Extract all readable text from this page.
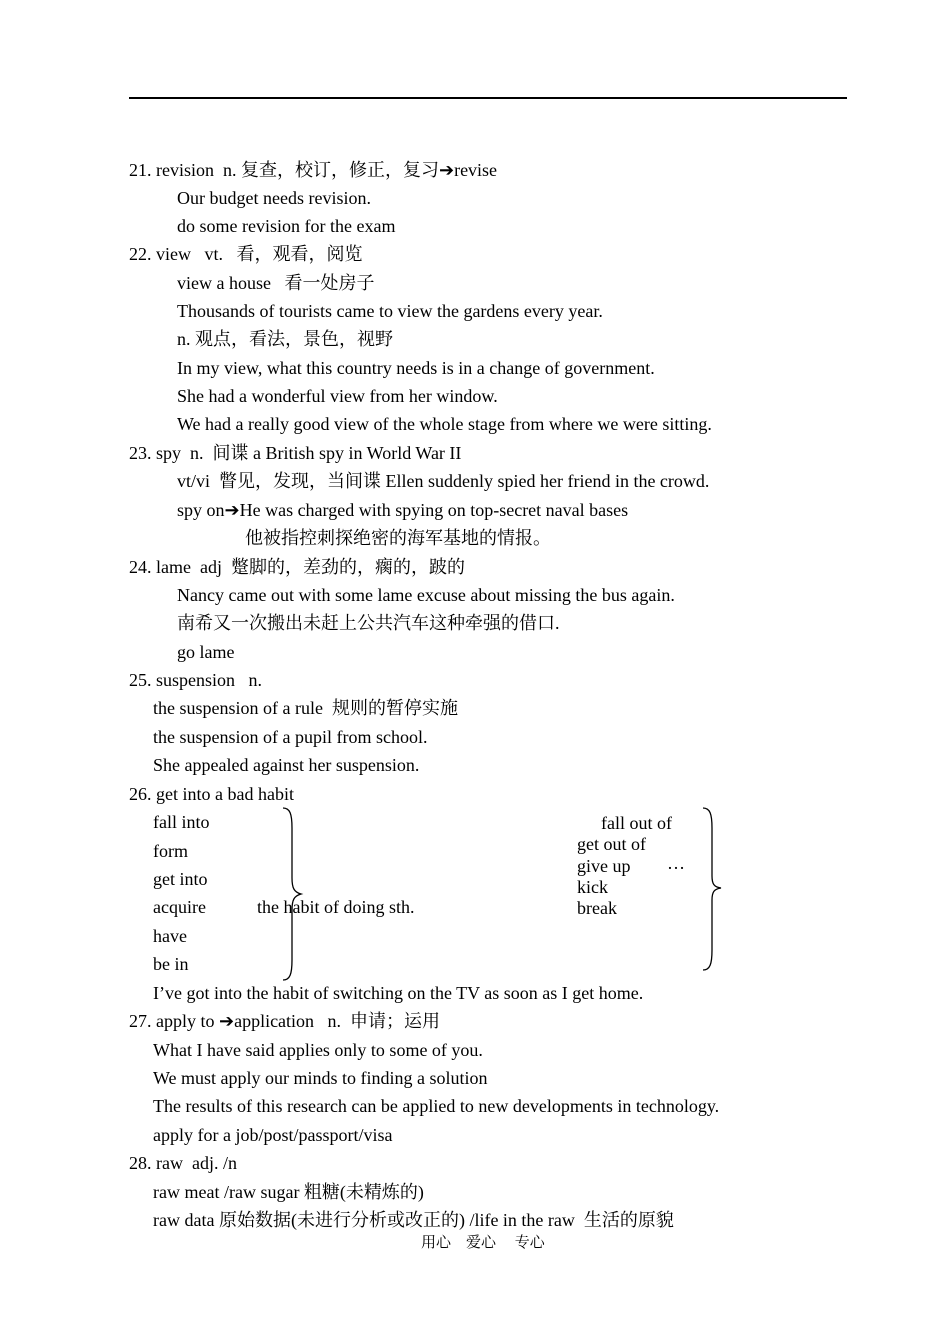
21. revision  n. 复查，校订，修正，复习➔revise
Our budget needs revision.
do some revision for the exam
22. view   vt.   看，观看，阅览
view a house   看一处房子
Thousands of tourists came to view the gardens every year.
n. 观点，看法，景色，视野
In my view, what this country needs is in a change of government.
She had a wonderful view from her window.
We had a really good view of the whole stage from where we were sitting.
23. spy  n.  间谍 a British spy in World War II
vt/vi  瞥见，发现，当间谍 Ellen suddenly spied her friend in the crowd.
spy on➔He was charged with spying on top-secret naval bases
他被指控刺探绝密的海军基地的情报。
24. lame  adj  蹩脚的，差劲的，瘸的，跛的
Nancy came out with some lame excuse about missing the bus again.
南希又一次搬出未赶上公共汽车这种牵强的借口.
go lame
25. suspension   n.
the suspension of a rule  规则的暂停实施
the suspension of a pupil from school.
She appealed against her suspension.
26. get into a bad habit
fall into
form
get into
acquire	the habit of doing sth.
have
be in
fall out of
get out of
give up …
kick
break
I’ve got into the habit of switching on the TV as soon as I get home.
27. apply to ➔application   n.  申请；运用
What I have said applies only to some of you.
We must apply our minds to finding a solution
The results of this research can be applied to new developments in technology.
apply for a job/post/passport/visa
28. raw  adj. /n
raw meat /raw sugar 粗糖(未精炼的)
raw data 原始数据(未进行分析或改正的) /life in the raw  生活的原貌
用心    爱心     专心
